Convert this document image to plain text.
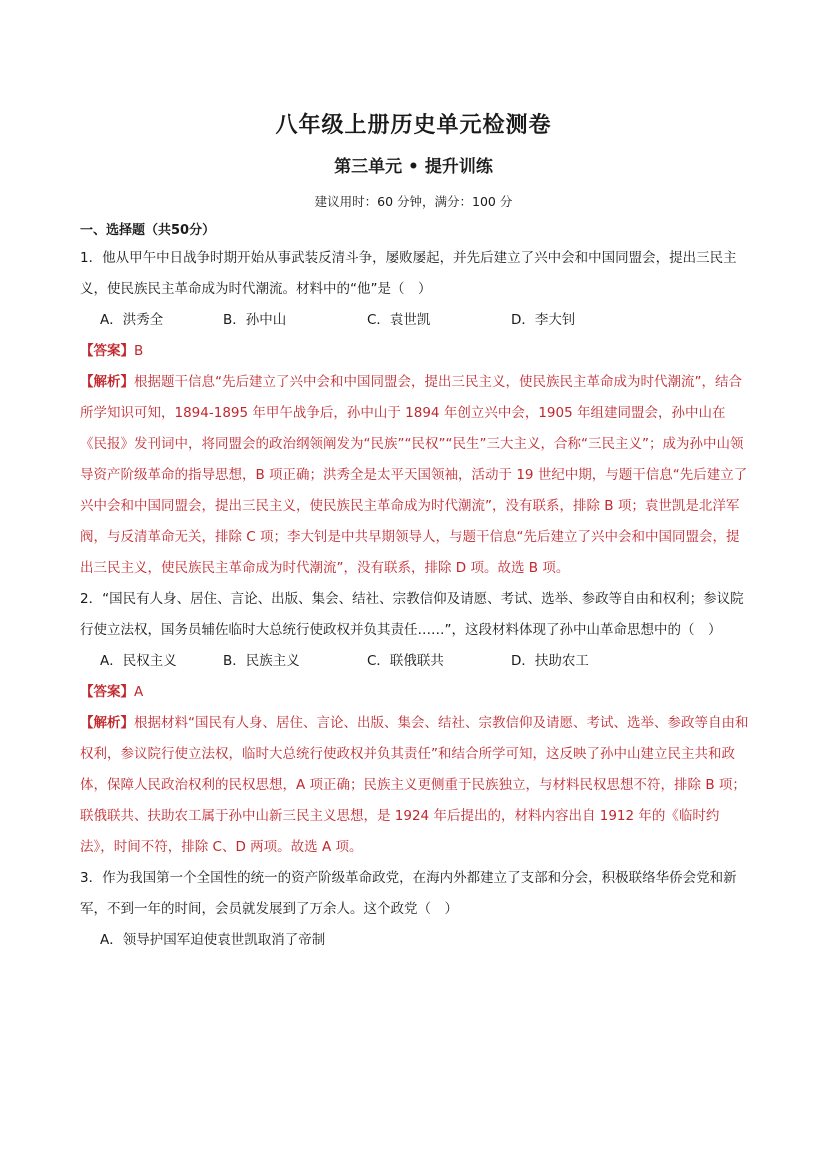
八年级上册历史单元检测卷
第三单元 • 提升训练
建议用时：60 分钟，满分：100 分
一、选择题（共50分）

1．他从甲午中日战争时期开始从事武装反清斗争，屡败屡起，并先后建立了兴中会和中国同盟会，提出三民主义，使民族民主革命成为时代潮流。材料中的“他”是（　）

A．洪秀全	B．孙中山	C．袁世凯	D．李大钊

【答案】B

【解析】根据题干信息“先后建立了兴中会和中国同盟会，提出三民主义，使民族民主革命成为时代潮流”，结合所学知识可知，1894-1895 年甲午战争后，孙中山于 1894 年创立兴中会，1905 年组建同盟会，孙中山在《民报》发刊词中，将同盟会的政治纲领阐发为“民族”“民权”“民生”三大主义，合称“三民主义”；成为孙中山领导资产阶级革命的指导思想，B 项正确；洪秀全是太平天国领袖，活动于 19 世纪中期，与题干信息“先后建立了兴中会和中国同盟会，提出三民主义，使民族民主革命成为时代潮流”，没有联系，排除 B 项；袁世凯是北洋军阀，与反清革命无关，排除 C 项；李大钊是中共早期领导人，与题干信息“先后建立了兴中会和中国同盟会，提出三民主义，使民族民主革命成为时代潮流”，没有联系，排除 D 项。故选 B 项。

2．“国民有人身、居住、言论、出版、集会、结社、宗教信仰及请愿、考试、选举、参政等自由和权利；参议院行使立法权，国务员辅佐临时大总统行使政权并负其责任……”，这段材料体现了孙中山革命思想中的（　）

A．民权主义	B．民族主义	C．联俄联共	D．扶助农工

【答案】A

【解析】根据材料“国民有人身、居住、言论、出版、集会、结社、宗教信仰及请愿、考试、选举、参政等自由和权利，参议院行使立法权，临时大总统行使政权并负其责任”和结合所学可知，这反映了孙中山建立民主共和政体，保障人民政治权利的民权思想，A 项正确；民族主义更侧重于民族独立，与材料民权思想不符，排除 B 项；联俄联共、扶助农工属于孙中山新三民主义思想，是 1924 年后提出的，材料内容出自 1912 年的《临时约法》，时间不符，排除 C、D 两项。故选 A 项。

3．作为我国第一个全国性的统一的资产阶级革命政党，在海内外都建立了支部和分会，积极联络华侨会党和新军，不到一年的时间，会员就发展到了万余人。这个政党（　）

A．领导护国军迫使袁世凯取消了帝制
